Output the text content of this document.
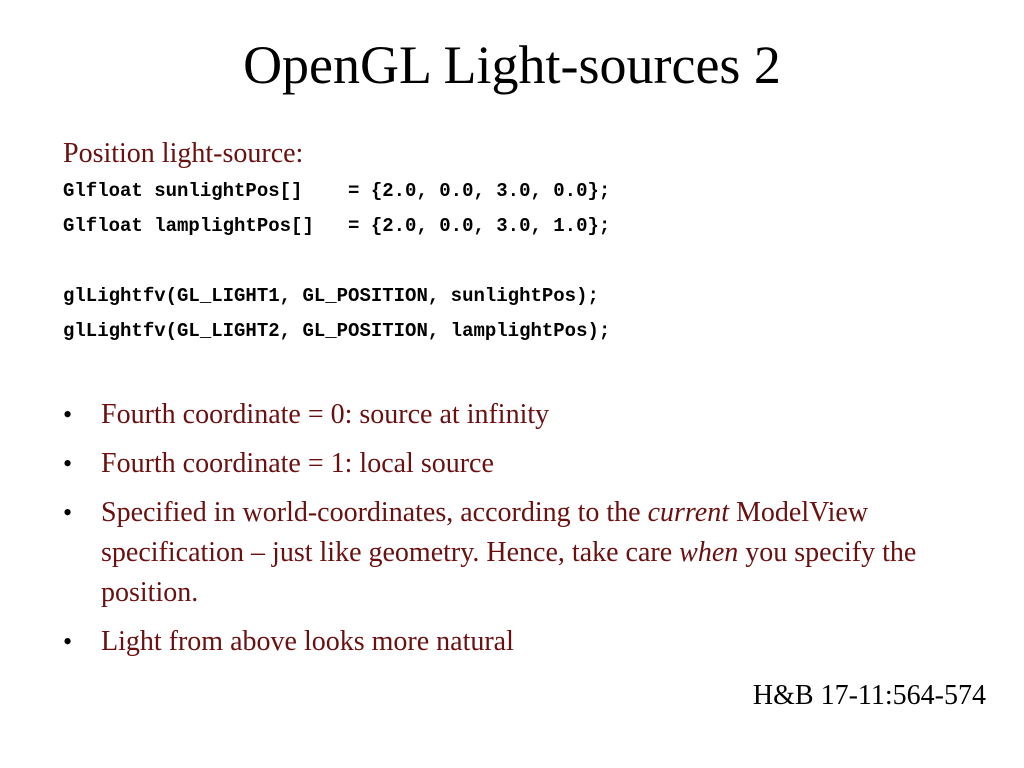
OpenGL Light-sources 2
Position light-source:
Glfloat sunlightPos[]    = {2.0, 0.0, 3.0, 0.0};
Glfloat lamplightPos[]   = {2.0, 0.0, 3.0, 1.0};
glLightfv(GL_LIGHT1, GL_POSITION, sunlightPos);
glLightfv(GL_LIGHT2, GL_POSITION, lamplightPos);
• Fourth coordinate = 0: source at infinity
• Fourth coordinate = 1: local source
• Specified in world-coordinates, according to the current ModelView specification – just like geometry. Hence, take care when you specify the position.
• Light from above looks more natural
H&B 17-11:564-574
